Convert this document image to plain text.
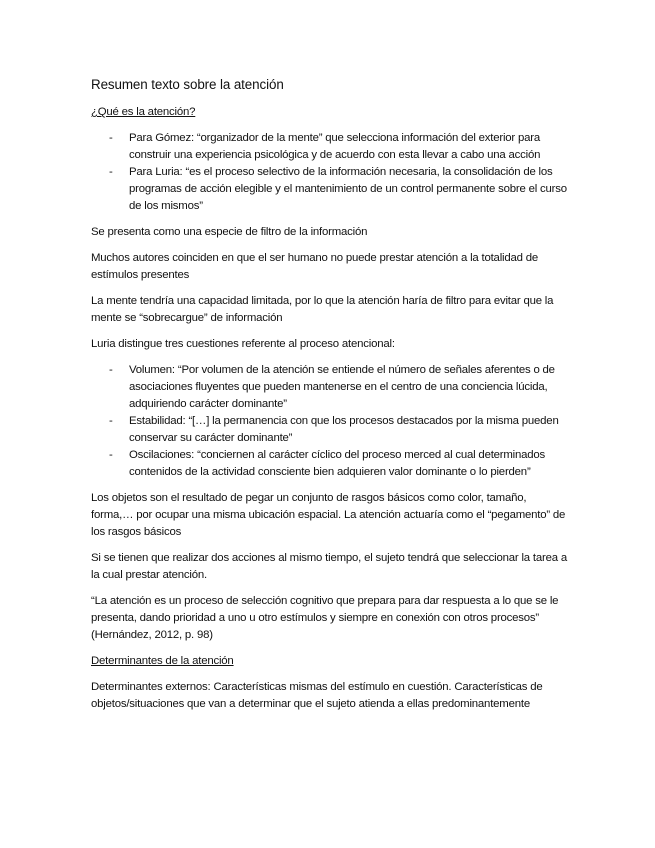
Resumen texto sobre la atención
¿Qué es la atención?
- Para Gómez: “organizador de la mente” que selecciona información del exterior para construir una experiencia psicológica y de acuerdo con esta llevar a cabo una acción
- Para Luria: “es el proceso selectivo de la información necesaria, la consolidación de los programas de acción elegible y el mantenimiento de un control permanente sobre el curso de los mismos”

Se presenta como una especie de filtro de la información

Muchos autores coinciden en que el ser humano no puede prestar atención a la totalidad de estímulos presentes

La mente tendría una capacidad limitada, por lo que la atención haría de filtro para evitar que la mente se “sobrecargue” de información

Luria distingue tres cuestiones referente al proceso atencional:

- Volumen: “Por volumen de la atención se entiende el número de señales aferentes o de asociaciones fluyentes que pueden mantenerse en el centro de una conciencia lúcida, adquiriendo carácter dominante”
- Estabilidad: “[…] la permanencia con que los procesos destacados por la misma pueden conservar su carácter dominante”
- Oscilaciones: “conciernen al carácter cíclico del proceso merced al cual determinados contenidos de la actividad consciente bien adquieren valor dominante o lo pierden”

Los objetos son el resultado de pegar un conjunto de rasgos básicos como color, tamaño, forma,… por ocupar una misma ubicación espacial. La atención actuaría como el “pegamento” de los rasgos básicos

Si se tienen que realizar dos acciones al mismo tiempo, el sujeto tendrá que seleccionar la tarea a la cual prestar atención.

“La atención es un proceso de selección cognitivo que prepara para dar respuesta a lo que se le presenta, dando prioridad a uno u otro estímulos y siempre en conexión con otros procesos” (Hernández, 2012, p. 98)

Determinantes de la atención

Determinantes externos: Características mismas del estímulo en cuestión. Características de objetos/situaciones que van a determinar que el sujeto atienda a ellas predominantemente
